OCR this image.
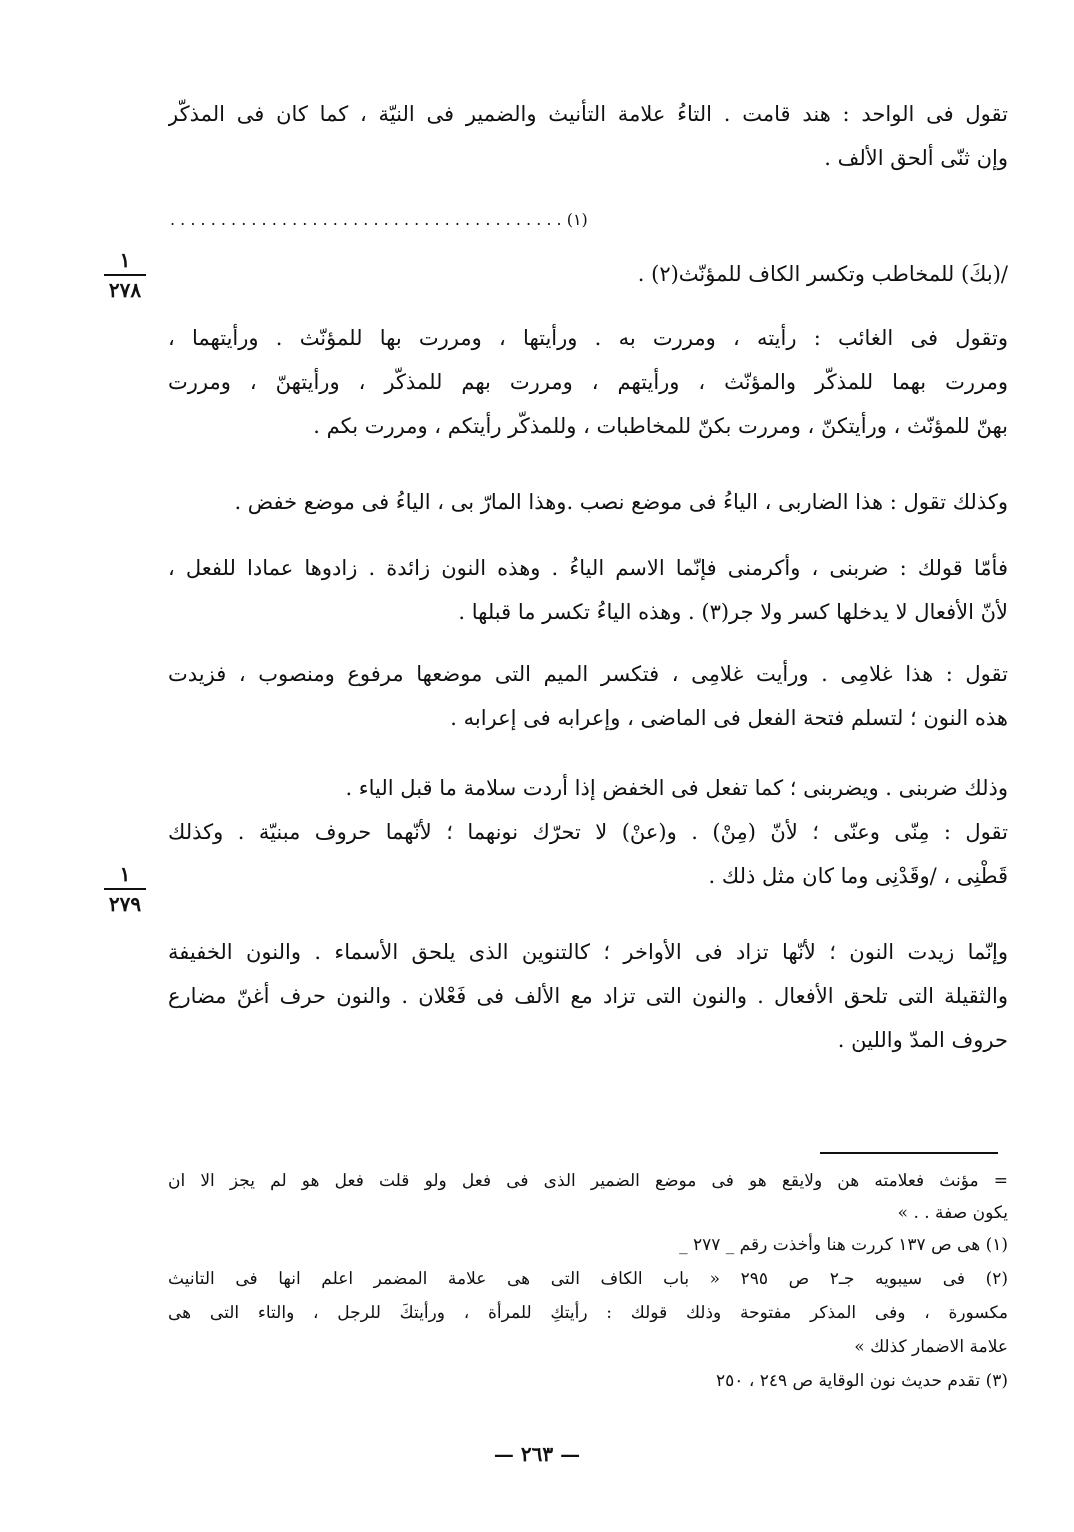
تقول فى الواحد : هند قامت . التاءُ علامة التأنيث والضمير فى النيّة ، كما كان فى المذكّر
وإن ثنّى ألحق الألف .
. . . . . . . . . . . . . . . . . . . . . . . . . . . . . . . . . . . . . . . (١)
/(بكَ) للمخاطب وتكسر الكاف للمؤنّث(٢) .
١
٢٧٨
وتقول فى الغائب : رأيته ، ومررت به . ورأيتها ، ومررت بها للمؤنّث . ورأيتهما ،
ومررت بهما للمذكّر والمؤنّث ، ورأيتهم ، ومررت بهم للمذكّر ، ورأيتهنّ ، ومررت
بهنّ للمؤنّث ، ورأيتكنّ ، ومررت بكنّ للمخاطبات ، وللمذكّر رأيتكم ، ومررت بكم .
وكذلك تقول : هذا الضاربى ، الياءُ فى موضع نصب .وهذا المارّ بى ، الياءُ فى موضع خفض .
فأمّا قولك : ضربنى ، وأكرمنى فإنّما الاسم الياءُ . وهذه النون زائدة . زادوها عمادا للفعل ،
لأنّ الأفعال لا يدخلها كسر ولا جر(٣) . وهذه الياءُ تكسر ما قبلها .
تقول : هذا غلامِى . ورأيت غلامِى ، فتكسر الميم التى موضعها مرفوع ومنصوب ، فزيدت
هذه النون ؛ لتسلم فتحة الفعل فى الماضى ، وإعرابه فى إعرابه .
وذلك ضربنى . ويضربنى ؛ كما تفعل فى الخفض إذا أردت سلامة ما قبل الياء .
تقول : مِنّى وعنّى ؛ لأنّ (مِنْ) . و(عنْ) لا تحرّك نونهما ؛ لأنّهما حروف مبنيّة . وكذلك
قَطْنِى ، /وقَدْنِى وما كان مثل ذلك .
١
٢٧٩
وإنّما زيدت النون ؛ لأنّها تزاد فى الأواخر ؛ كالتنوين الذى يلحق الأسماء . والنون الخفيفة
والثقيلة التى تلحق الأفعال . والنون التى تزاد مع الألف فى فَعْلان . والنون حرف أغنّ مضارع
حروف المدّ واللين .
= مؤنث فعلامته هن ولايقع هو فى موضع الضمير الذى فى فعل ولو قلت فعل هو لم يجز الا ان
يكون صفة . . »
(١) هى ص ١٣٧ كررت هنا وأخذت رقم _ ٢٧٧ _
(٢) فى سيبويه جـ٢ ص ٢٩٥ « باب الكاف التى هى علامة المضمر اعلم انها فى التانيث
مكسورة ، وفى المذكر مفتوحة وذلك قولك : رأيتكِ للمرأة ، ورأيتكَ للرجل ، والتاء التى هى
علامة الاضمار كذلك »
(٣) تقدم حديث نون الوقاية ص ٢٤٩ ، ٢٥٠
— ٢٦٣ —
